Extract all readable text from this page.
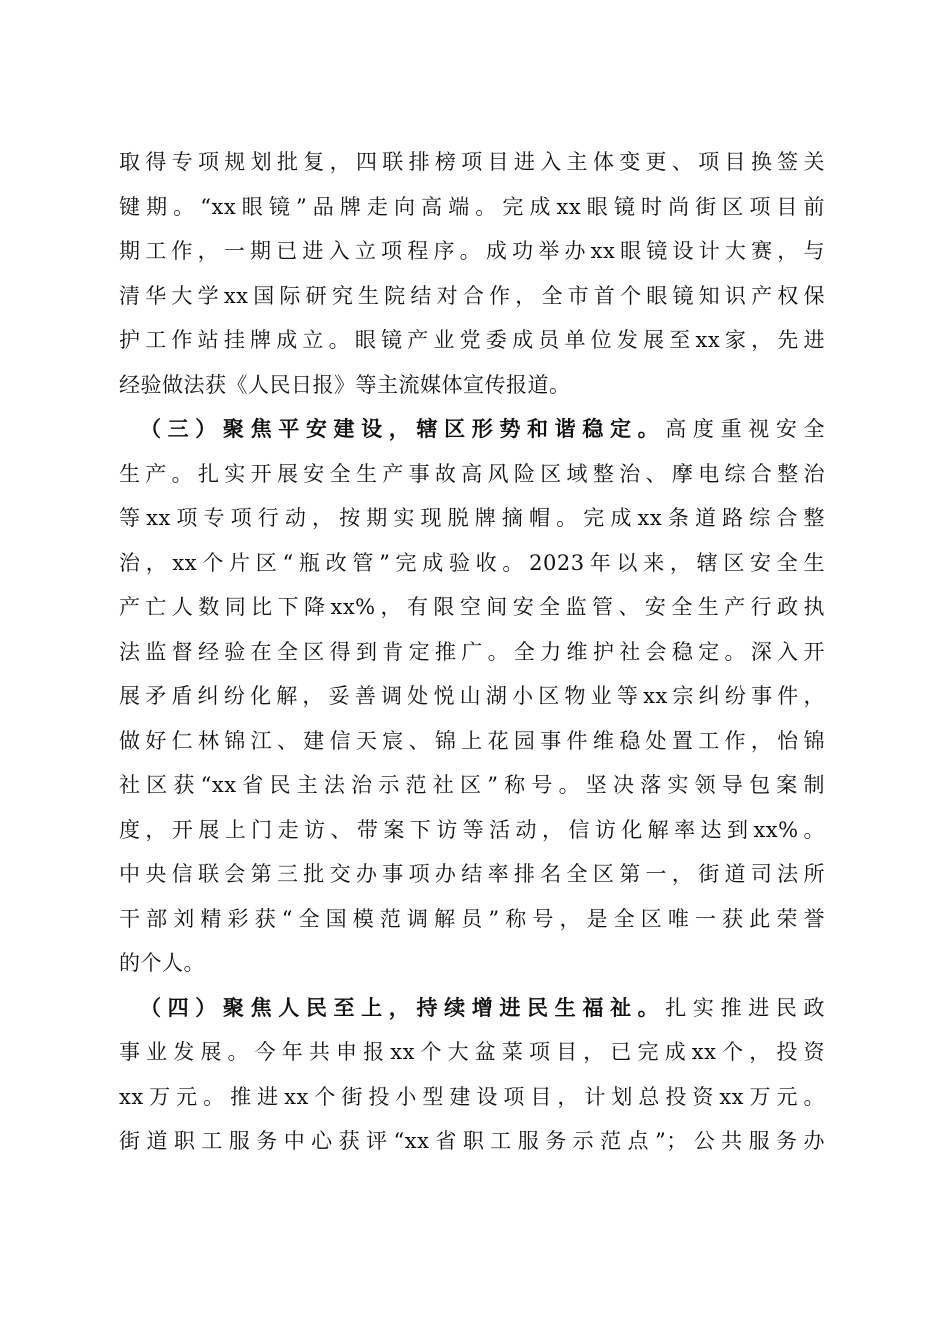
取得专项规划批复，四联排榜项目进入主体变更、项目换签关
键期。“xx眼镜”品牌走向高端。完成xx眼镜时尚街区项目前
期工作，一期已进入立项程序。成功举办xx眼镜设计大赛，与
清华大学xx国际研究生院结对合作，全市首个眼镜知识产权保
护工作站挂牌成立。眼镜产业党委成员单位发展至xx家，先进
经验做法获《人民日报》等主流媒体宣传报道。
（三）聚焦平安建设，辖区形势和谐稳定。高度重视安全
生产。扎实开展安全生产事故高风险区域整治、摩电综合整治
等xx项专项行动，按期实现脱牌摘帽。完成xx条道路综合整
治，xx个片区“瓶改管”完成验收。2023年以来，辖区安全生
产亡人数同比下降xx%，有限空间安全监管、安全生产行政执
法监督经验在全区得到肯定推广。全力维护社会稳定。深入开
展矛盾纠纷化解，妥善调处悦山湖小区物业等xx宗纠纷事件，
做好仁林锦江、建信天宸、锦上花园事件维稳处置工作，怡锦
社区获“xx省民主法治示范社区”称号。坚决落实领导包案制
度，开展上门走访、带案下访等活动，信访化解率达到xx%。
中央信联会第三批交办事项办结率排名全区第一，街道司法所
干部刘精彩获“全国模范调解员”称号，是全区唯一获此荣誉
的个人。
（四）聚焦人民至上，持续增进民生福祉。扎实推进民政
事业发展。今年共申报xx个大盆菜项目，已完成xx个，投资
xx万元。推进xx个街投小型建设项目，计划总投资xx万元。
街道职工服务中心获评“xx省职工服务示范点”；公共服务办
